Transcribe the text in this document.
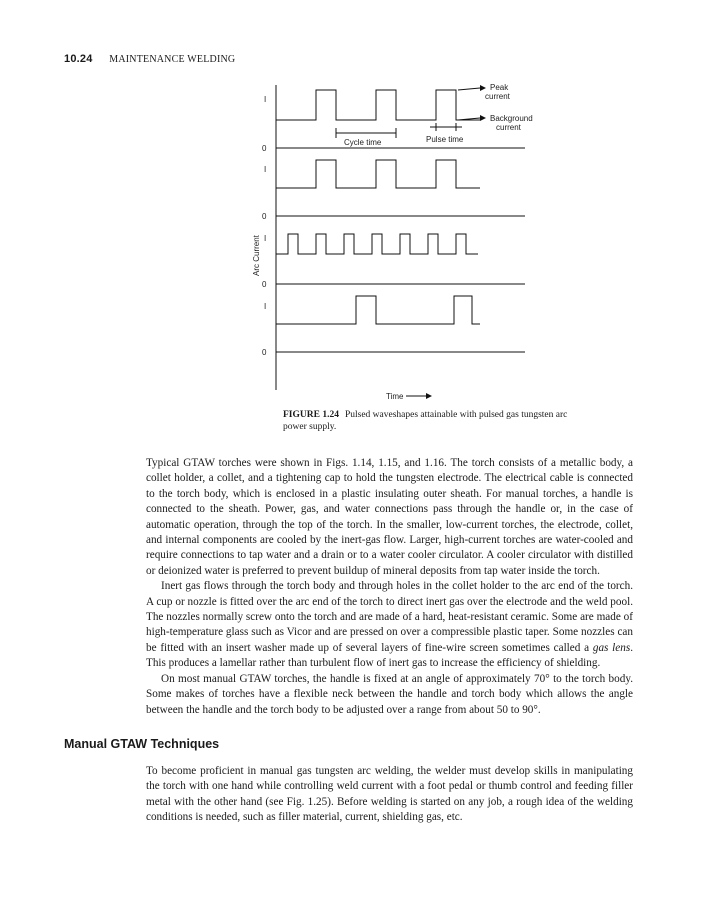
10.24 MAINTENANCE WELDING
I
0
I
0
I
0
I
0
Peak
current
Background
current
Cycle time	Pulse time
Time
Arc Current
FIGURE 1.24 Pulsed waveshapes attainable with pulsed gas tungsten arc power supply.

Typical GTAW torches were shown in Figs. 1.14, 1.15, and 1.16. The torch consists of a metallic body, a collet holder, a collet, and a tightening cap to hold the tungsten electrode. The electrical cable is connected to the torch body, which is enclosed in a plastic insulating outer sheath. For manual torches, a handle is connected to the sheath. Power, gas, and water connections pass through the handle or, in the case of automatic operation, through the top of the torch. In the smaller, low-current torches, the electrode, collet, and internal components are cooled by the inert-gas flow. Larger, high-current torches are water-cooled and require connections to tap water and a drain or to a water cooler circulator. A cooler circulator with distilled or deionized water is preferred to prevent buildup of mineral deposits from tap water inside the torch.

Inert gas flows through the torch body and through holes in the collet holder to the arc end of the torch. A cup or nozzle is fitted over the arc end of the torch to direct inert gas over the electrode and the weld pool. The nozzles normally screw onto the torch and are made of a hard, heat-resistant ceramic. Some are made of high-temperature glass such as Vicor and are pressed on over a compressible plastic taper. Some nozzles can be fitted with an insert washer made up of several layers of fine-wire screen sometimes called a gas lens. This produces a lamellar rather than turbulent flow of inert gas to increase the efficiency of shielding.

On most manual GTAW torches, the handle is fixed at an angle of approximately 70° to the torch body. Some makes of torches have a flexible neck between the handle and torch body which allows the angle between the handle and the torch body to be adjusted over a range from about 50 to 90°.

Manual GTAW Techniques

To become proficient in manual gas tungsten arc welding, the welder must develop skills in manipulating the torch with one hand while controlling weld current with a foot pedal or thumb control and feeding filler metal with the other hand (see Fig. 1.25). Before welding is started on any job, a rough idea of the welding conditions is needed, such as filler material, current, shielding gas, etc.
